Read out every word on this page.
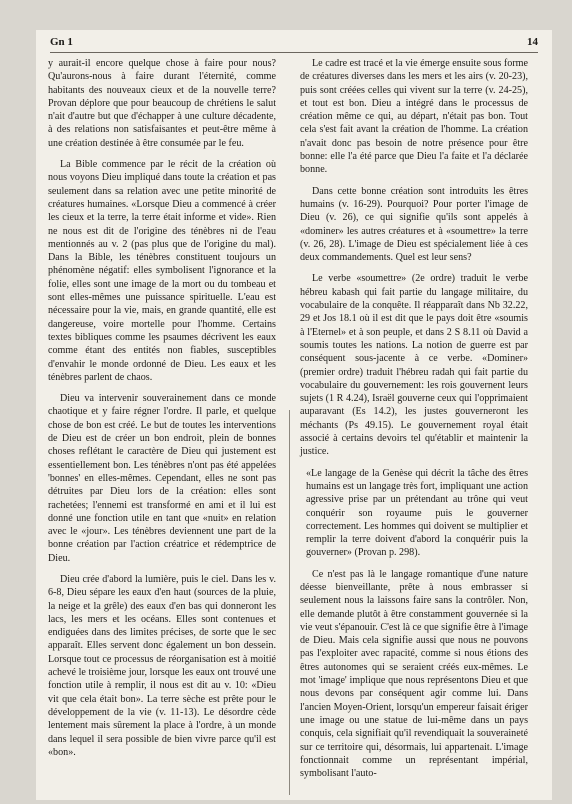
Gn 1	14

y aurait-il encore quelque chose à faire pour nous? Qu'aurons-nous à faire durant l'éternité, comme habitants des nouveaux cieux et de la nouvelle terre? Provan déplore que pour beaucoup de chrétiens le salut n'ait d'autre but que d'échapper à une culture décadente, à des relations non satisfaisantes et peut-être même à une création destinée à être consumée par le feu.

La Bible commence par le récit de la création où nous voyons Dieu impliqué dans toute la création et pas seulement dans sa relation avec une petite minorité de créatures humaines. «Lorsque Dieu a commencé à créer les cieux et la terre, la terre était informe et vide». Rien ne nous est dit de l'origine des ténèbres ni de l'eau mentionnés au v. 2 (pas plus que de l'origine du mal). Dans la Bible, les ténèbres constituent toujours un phénomène négatif: elles symbolisent l'ignorance et la folie, elles sont une image de la mort ou du tombeau et sont elles-mêmes une puissance spirituelle. L'eau est nécessaire pour la vie, mais, en grande quantité, elle est dangereuse, voire mortelle pour l'homme. Certains textes bibliques comme les psaumes décrivent les eaux comme étant des entités non fiables, susceptibles d'envahir le monde ordonné de Dieu. Les eaux et les ténèbres parlent de chaos.

Dieu va intervenir souverainement dans ce monde chaotique et y faire régner l'ordre. Il parle, et quelque chose de bon est créé. Le but de toutes les interventions de Dieu est de créer un bon endroit, plein de bonnes choses reflétant le caractère de Dieu qui justement est essentiellement bon. Les ténèbres n'ont pas été appelées 'bonnes' en elles-mêmes. Cependant, elles ne sont pas détruites par Dieu lors de la création: elles sont rachetées; l'ennemi est transformé en ami et il lui est donné une fonction utile en tant que «nuit» en relation avec le «jour». Les ténèbres deviennent une part de la bonne création par l'action créatrice et rédemptrice de Dieu.

Dieu crée d'abord la lumière, puis le ciel. Dans les v. 6-8, Dieu sépare les eaux d'en haut (sources de la pluie, la neige et la grêle) des eaux d'en bas qui donneront les lacs, les mers et les océans. Elles sont contenues et endiguées dans des limites précises, de sorte que le sec apparaît. Elles servent donc également un bon dessein. Lorsque tout ce processus de réorganisation est à moitié achevé le troisième jour, lorsque les eaux ont trouvé une fonction utile à remplir, il nous est dit au v. 10: «Dieu vit que cela était bon». La terre sèche est prête pour le développement de la vie (v. 11-13). Le désordre cède lentement mais sûrement la place à l'ordre, à un monde dans lequel il sera possible de bien vivre parce qu'il est «bon».

Le cadre est tracé et la vie émerge ensuite sous forme de créatures diverses dans les mers et les airs (v. 20-23), puis sont créées celles qui vivent sur la terre (v. 24-25), et tout est bon. Dieu a intégré dans le processus de création même ce qui, au départ, n'était pas bon. Tout cela s'est fait avant la création de l'homme. La création n'avait donc pas besoin de notre présence pour être bonne: elle l'a été parce que Dieu l'a faite et l'a déclarée bonne.

Dans cette bonne création sont introduits les êtres humains (v. 16-29). Pourquoi? Pour porter l'image de Dieu (v. 26), ce qui signifie qu'ils sont appelés à «dominer» les autres créatures et à «soumettre» la terre (v. 26, 28). L'image de Dieu est spécialement liée à ces deux commandements. Quel est leur sens?

Le verbe «soumettre» (2e ordre) traduit le verbe hébreu kabash qui fait partie du langage militaire, du vocabulaire de la conquête. Il réapparaît dans Nb 32.22, 29 et Jos 18.1 où il est dit que le pays doit être «soumis à l'Eternel» et à son peuple, et dans 2 S 8.11 où David a soumis toutes les nations. La notion de guerre est par conséquent sous-jacente à ce verbe. «Dominer» (premier ordre) traduit l'hébreu radah qui fait partie du vocabulaire du gouvernement: les rois gouvernent leurs sujets (1 R 4.24), Israël gouverne ceux qui l'opprimaient auparavant (Es 14.2), les justes gouverneront les méchants (Ps 49.15). Le gouvernement royal était associé à certains devoirs tel qu'établir et maintenir la justice.

«Le langage de la Genèse qui décrit la tâche des êtres humains est un langage très fort, impliquant une action agressive prise par un prétendant au trône qui veut conquérir son royaume puis le gouverner correctement. Les hommes qui doivent se multiplier et remplir la terre doivent d'abord la conquérir puis la gouverner» (Provan p. 298).

Ce n'est pas là le langage romantique d'une nature déesse bienveillante, prête à nous embrasser si seulement nous la laissons faire sans la contrôler. Non, elle demande plutôt à être constamment gouvernée si la vie veut s'épanouir. C'est là ce que signifie être à l'image de Dieu. Mais cela signifie aussi que nous ne pouvons pas l'exploiter avec rapacité, comme si nous étions des êtres autonomes qui se seraient créés eux-mêmes. Le mot 'image' implique que nous représentons Dieu et que nous devons par conséquent agir comme lui. Dans l'ancien Moyen-Orient, lorsqu'un empereur faisait ériger une image ou une statue de lui-même dans un pays conquis, cela signifiait qu'il revendiquait la souveraineté sur ce territoire qui, désormais, lui appartenait. L'image fonctionnait comme un représentant impérial, symbolisant l'auto-
